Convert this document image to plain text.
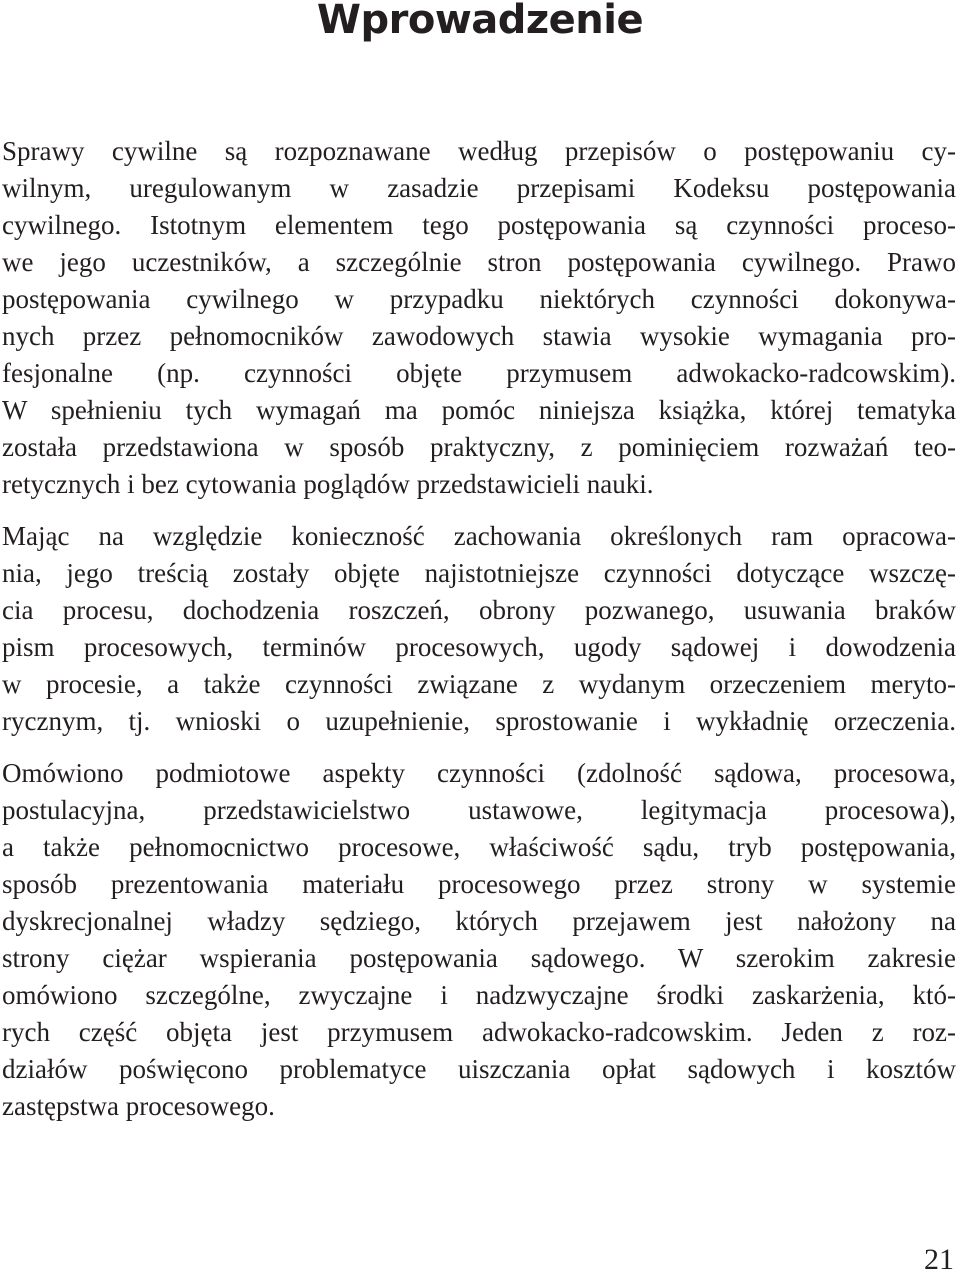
Wprowadzenie
Sprawy cywilne są rozpoznawane według przepisów o postępowaniu cy-
wilnym, uregulowanym w zasadzie przepisami Kodeksu postępowania
cywilnego. Istotnym elementem tego postępowania są czynności proceso-
we jego uczestników, a szczególnie stron postępowania cywilnego. Prawo
postępowania cywilnego w przypadku niektórych czynności dokonywa-
nych przez pełnomocników zawodowych stawia wysokie wymagania pro-
fesjonalne (np. czynności objęte przymusem adwokacko-radcowskim).
W spełnieniu tych wymagań ma pomóc niniejsza książka, której tematyka
została przedstawiona w sposób praktyczny, z pominięciem rozważań teo-
retycznych i bez cytowania poglądów przedstawicieli nauki.
Mając na względzie konieczność zachowania określonych ram opracowa-
nia, jego treścią zostały objęte najistotniejsze czynności dotyczące wszczę-
cia procesu, dochodzenia roszczeń, obrony pozwanego, usuwania braków
pism procesowych, terminów procesowych, ugody sądowej i dowodzenia
w procesie, a także czynności związane z wydanym orzeczeniem meryto-
rycznym, tj. wnioski o uzupełnienie, sprostowanie i wykładnię orzeczenia.
Omówiono podmiotowe aspekty czynności (zdolność sądowa, procesowa,
postulacyjna, przedstawicielstwo ustawowe, legitymacja procesowa),
a także pełnomocnictwo procesowe, właściwość sądu, tryb postępowania,
sposób prezentowania materiału procesowego przez strony w systemie
dyskrecjonalnej władzy sędziego, których przejawem jest nałożony na
strony ciężar wspierania postępowania sądowego. W szerokim zakresie
omówiono szczególne, zwyczajne i nadzwyczajne środki zaskarżenia, któ-
rych część objęta jest przymusem adwokacko-radcowskim. Jeden z roz-
działów poświęcono problematyce uiszczania opłat sądowych i kosztów
zastępstwa procesowego.
21
